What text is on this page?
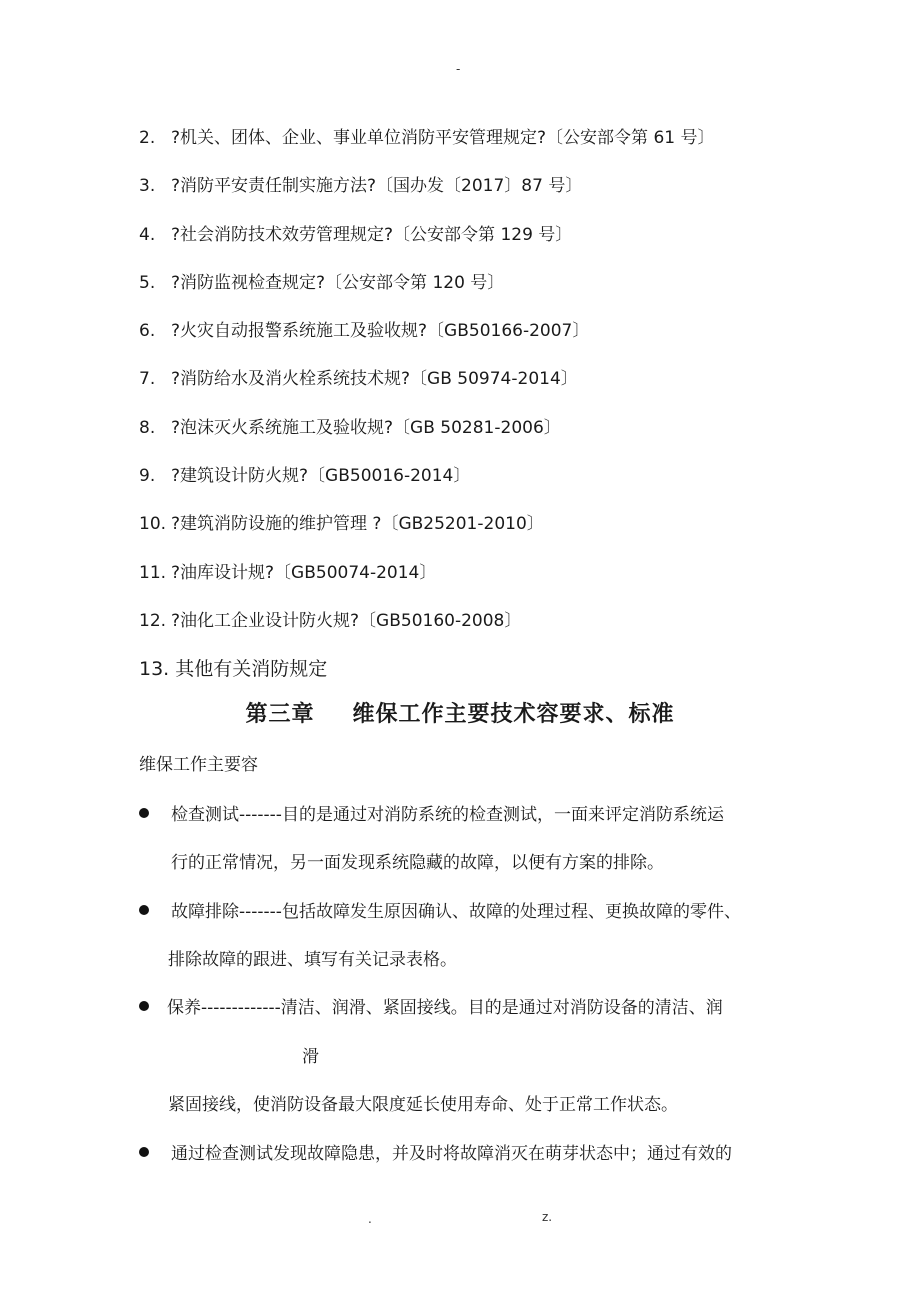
-
2. ?机关、团体、企业、事业单位消防平安管理规定?〔公安部令第 61 号〕
3. ?消防平安责任制实施方法?〔国办发〔2017〕87 号〕
4. ?社会消防技术效劳管理规定?〔公安部令第 129 号〕
5. ?消防监视检查规定?〔公安部令第 120 号〕
6. ?火灾自动报警系统施工及验收规?〔GB50166-2007〕
7. ?消防给水及消火栓系统技术规?〔GB 50974-2014〕
8. ?泡沫灭火系统施工及验收规?〔GB 50281-2006〕
9. ?建筑设计防火规?〔GB50016-2014〕
10. ?建筑消防设施的维护管理 ?〔GB25201-2010〕
11. ?油库设计规?〔GB50074-2014〕
12. ?油化工企业设计防火规?〔GB50160-2008〕
13. 其他有关消防规定
第三章 维保工作主要技术容要求、标准
维保工作主要容
检查测试-------目的是通过对消防系统的检查测试，一面来评定消防系统运
行的正常情况，另一面发现系统隐藏的故障，以便有方案的排除。
故障排除-------包括故障发生原因确认、故障的处理过程、更换故障的零件、
排除故障的跟进、填写有关记录表格。
保养-------------清洁、润滑、紧固接线。目的是通过对消防设备的清洁、润
滑
紧固接线，使消防设备最大限度延长使用寿命、处于正常工作状态。
通过检查测试发现故障隐患，并及时将故障消灭在萌芽状态中；通过有效的
.	z.
